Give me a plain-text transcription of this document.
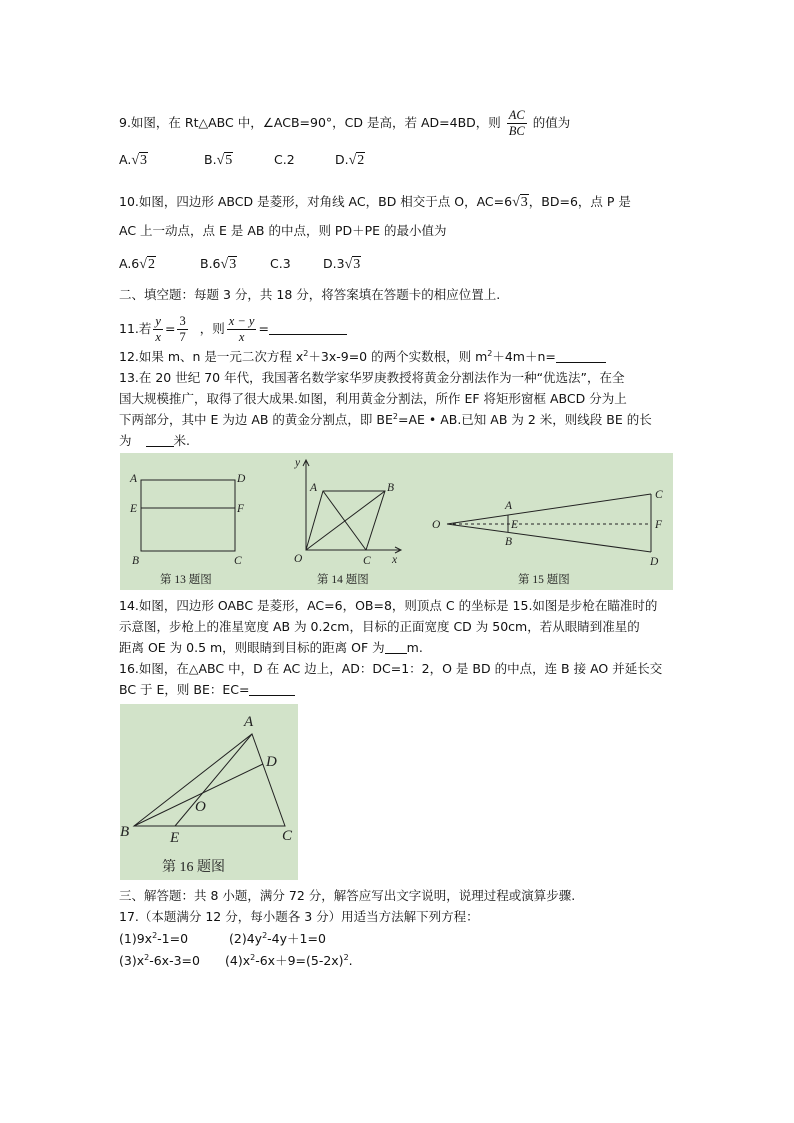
9.如图，在 Rt△ABC 中，∠ACB=90°，CD 是高，若 AD=4BD，则 $\frac{AC}{BC}$ 的值为
A.√3	B.√5	C.2	D.√2
10.如图，四边形 ABCD 是菱形，对角线 AC，BD 相交于点 O，AC=6√3，BD=6，点 P 是
AC 上一动点，点 E 是 AB 的中点，则 PD＋PE 的最小值为
A.6√2	B.6√3	C.3	D.3√3
二、填空题：每题 3 分，共 18 分，将答案填在答题卡的相应位置上.
11.若 $\frac{y}{x} = \frac{3}{7}$ ，则 $\frac{x - y}{x}$ =
12.如果 m、n 是一元二次方程 $x^2+3x-9=0$ 的两个实数根，则 $m^2+4m+n=$
13.在 20 世纪 70 年代，我国著名数学家华罗庚教授将黄金分割法作为一种“优选法”，在全
国大规模推广，取得了很大成果.如图，利用黄金分割法，所作 EF 将矩形窗框 ABCD 分为上
下两部分，其中 E 为边 AB 的黄金分割点，即 $BE^2=AE$ • AB.已知 AB 为 2 米，则线段 BE 的长
为	米.
A	D
E	F
B	C
第 13 题图
y
A	B
O	C x
第 14 题图
O
A
E
B
C
F
D
第 15 题图
14.如图，四边形 OABC 是菱形，AC=6，OB=8，则顶点 C 的坐标是 15.如图是步枪在瞄准时的
示意图，步枪上的准星宽度 AB 为 0.2cm，目标的正面宽度 CD 为 50cm，若从眼睛到准星的
距离 OE 为 0.5 m，则眼睛到目标的距离 OF 为 m.
16.如图，在△ABC 中，D 在 AC 边上，AD：DC=1：2，O 是 BD 的中点，连 B 接 AO 并延长交
BC 于 E，则 BE：EC=
A
D
O
B	E	C
第 16 题图
三、解答题：共 8 小题，满分 72 分，解答应写出文字说明，说理过程或演算步骤.
17.（本题满分 12 分，每小题各 3 分）用适当方法解下列方程：
$(1)9x^2-1=0$	$(2)4y^2-4y+1=0$
$(3)x^2-6x-3=0$ $(4)x^2-6x+9=(5-2x)^2$.
